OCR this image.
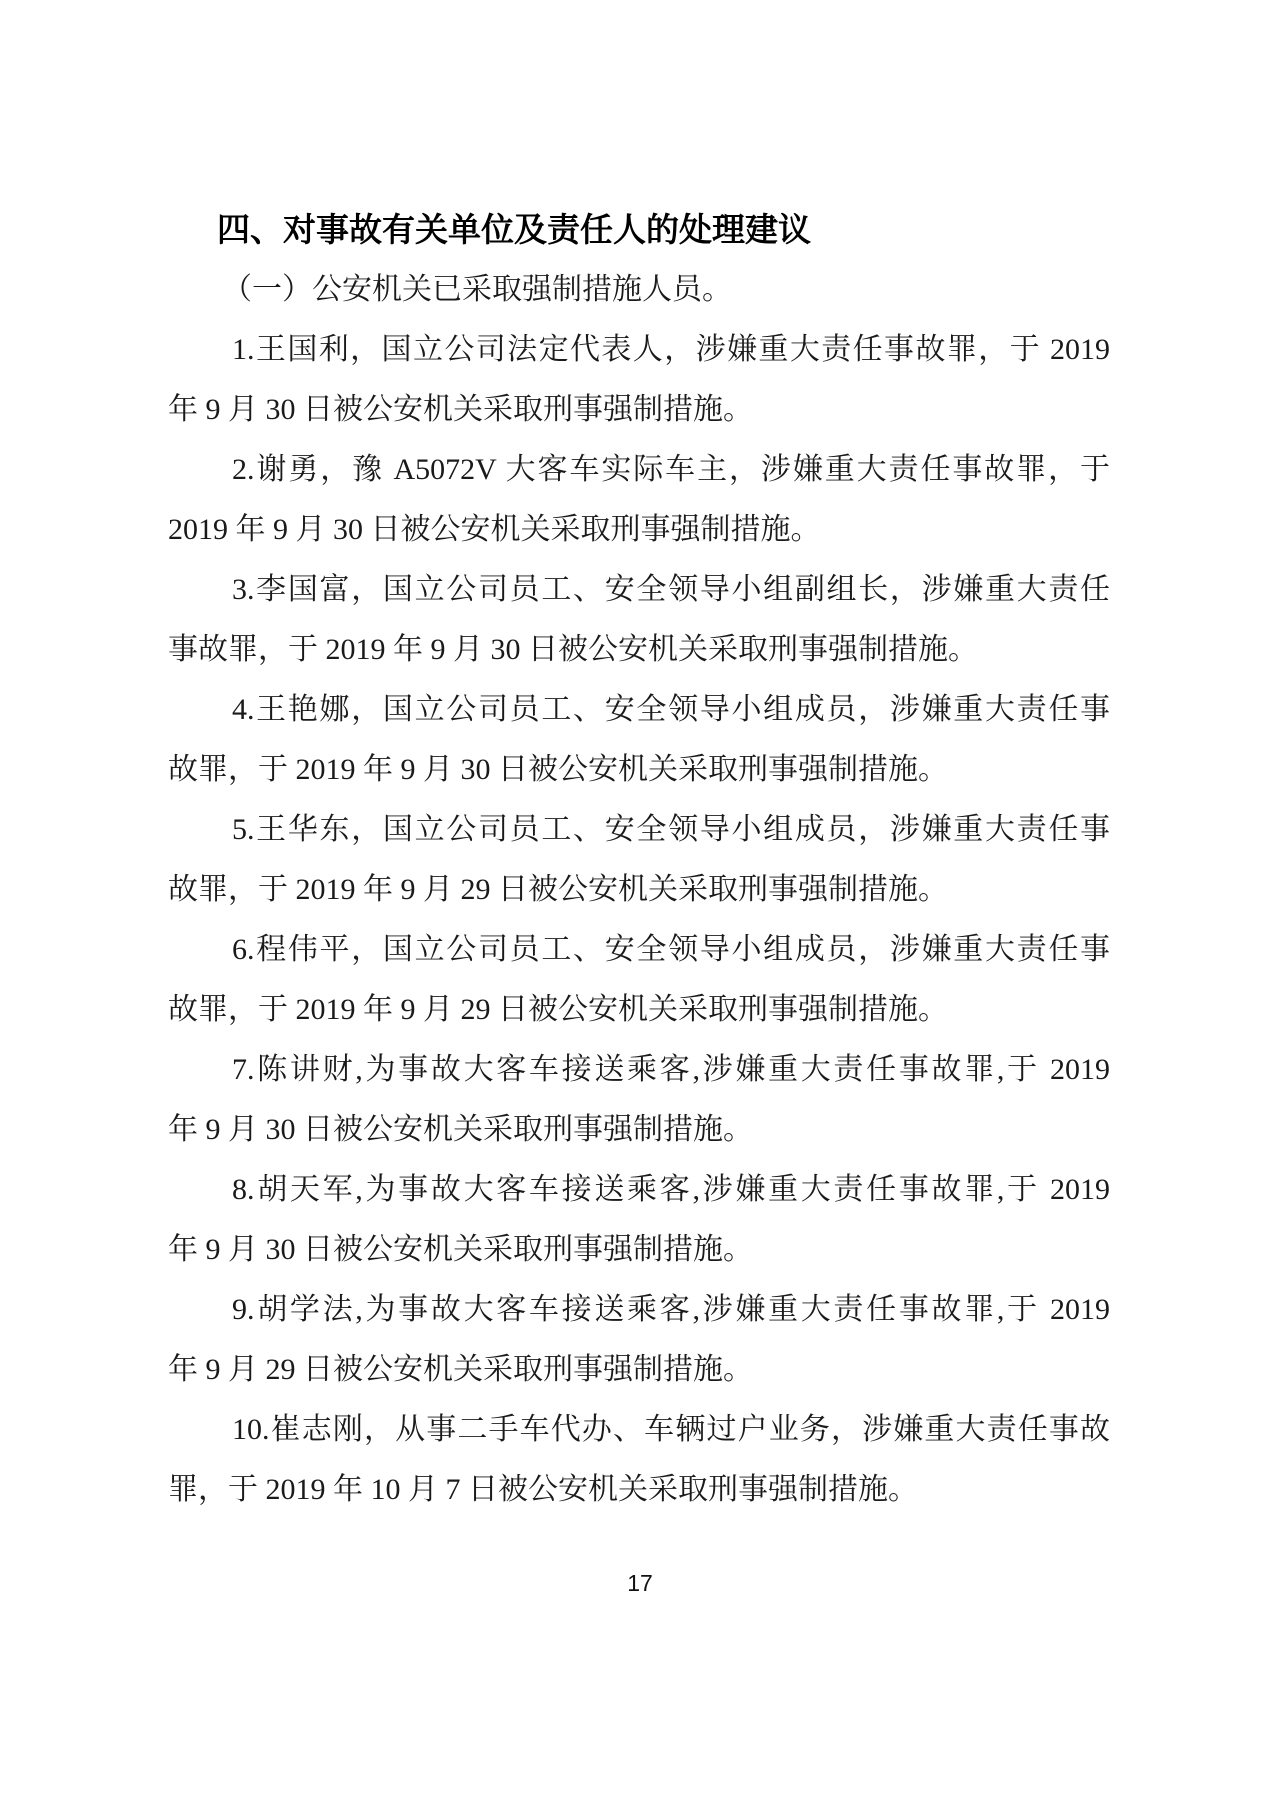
四、对事故有关单位及责任人的处理建议
（一）公安机关已采取强制措施人员。
1.王国利，国立公司法定代表人，涉嫌重大责任事故罪，于 2019
年 9 月 30 日被公安机关采取刑事强制措施。
2.谢勇，豫 A5072V 大客车实际车主，涉嫌重大责任事故罪，于
2019 年 9 月 30 日被公安机关采取刑事强制措施。
3.李国富，国立公司员工、安全领导小组副组长，涉嫌重大责任
事故罪，于 2019 年 9 月 30 日被公安机关采取刑事强制措施。
4.王艳娜，国立公司员工、安全领导小组成员，涉嫌重大责任事
故罪，于 2019 年 9 月 30 日被公安机关采取刑事强制措施。
5.王华东，国立公司员工、安全领导小组成员，涉嫌重大责任事
故罪，于 2019 年 9 月 29 日被公安机关采取刑事强制措施。
6.程伟平，国立公司员工、安全领导小组成员，涉嫌重大责任事
故罪，于 2019 年 9 月 29 日被公安机关采取刑事强制措施。
7.陈讲财,为事故大客车接送乘客,涉嫌重大责任事故罪,于 2019
年 9 月 30 日被公安机关采取刑事强制措施。
8.胡天军,为事故大客车接送乘客,涉嫌重大责任事故罪,于 2019
年 9 月 30 日被公安机关采取刑事强制措施。
9.胡学法,为事故大客车接送乘客,涉嫌重大责任事故罪,于 2019
年 9 月 29 日被公安机关采取刑事强制措施。
10.崔志刚，从事二手车代办、车辆过户业务，涉嫌重大责任事故
罪，于 2019 年 10 月 7 日被公安机关采取刑事强制措施。
17
